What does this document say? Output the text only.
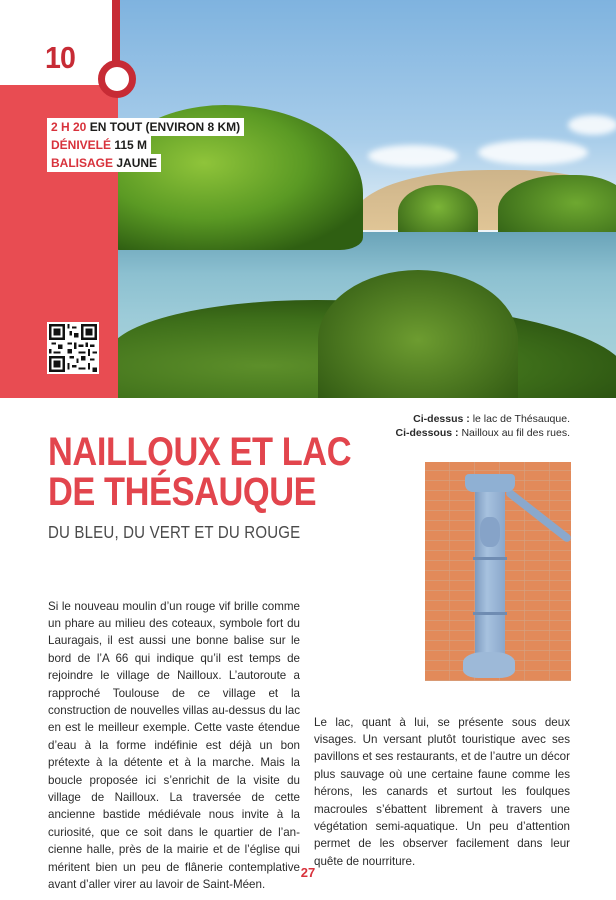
10
2 H 20 EN TOUT (ENVIRON 8 KM)
DÉNIVELÉ 115 M
BALISAGE JAUNE
Ci-dessus : le lac de Thésauque.
Ci-dessous : Nailloux au fil des rues.
NAILLOUX ET LAC
DE THÉSAUQUE
DU BLEU, DU VERT ET DU ROUGE

Si le nouveau moulin d’un rouge vif brille comme un phare au milieu des coteaux, symbole fort du Lauragais, il est aussi une bonne balise sur le bord de l’A 66 qui indique qu’il est temps de rejoindre le village de Nailloux. L’autoroute a rapproché Toulouse de ce village et la construction de nouvelles villas au-dessus du lac en est le meilleur exemple. Cette vaste étendue d’eau à la forme indéfinie est déjà un bon prétexte à la détente et à la marche. Mais la boucle proposée ici s’enrichit de la visite du village de Nailloux. La traversée de cette ancienne bastide médiévale nous invite à la curiosité, que ce soit dans le quartier de l’ancienne halle, près de la mairie et de l’église qui méritent bien un peu de flânerie contemplative avant d’aller virer au lavoir de Saint-Méen.

Le lac, quant à lui, se présente sous deux visages. Un versant plutôt touristique avec ses pavillons et ses restaurants, et de l’autre un décor plus sauvage où une certaine faune comme les hérons, les canards et surtout les foulques macroules s’ébattent librement à travers une végétation semi-aquatique. Un peu d’attention permet de les observer facilement dans leur quête de nourriture.

27
